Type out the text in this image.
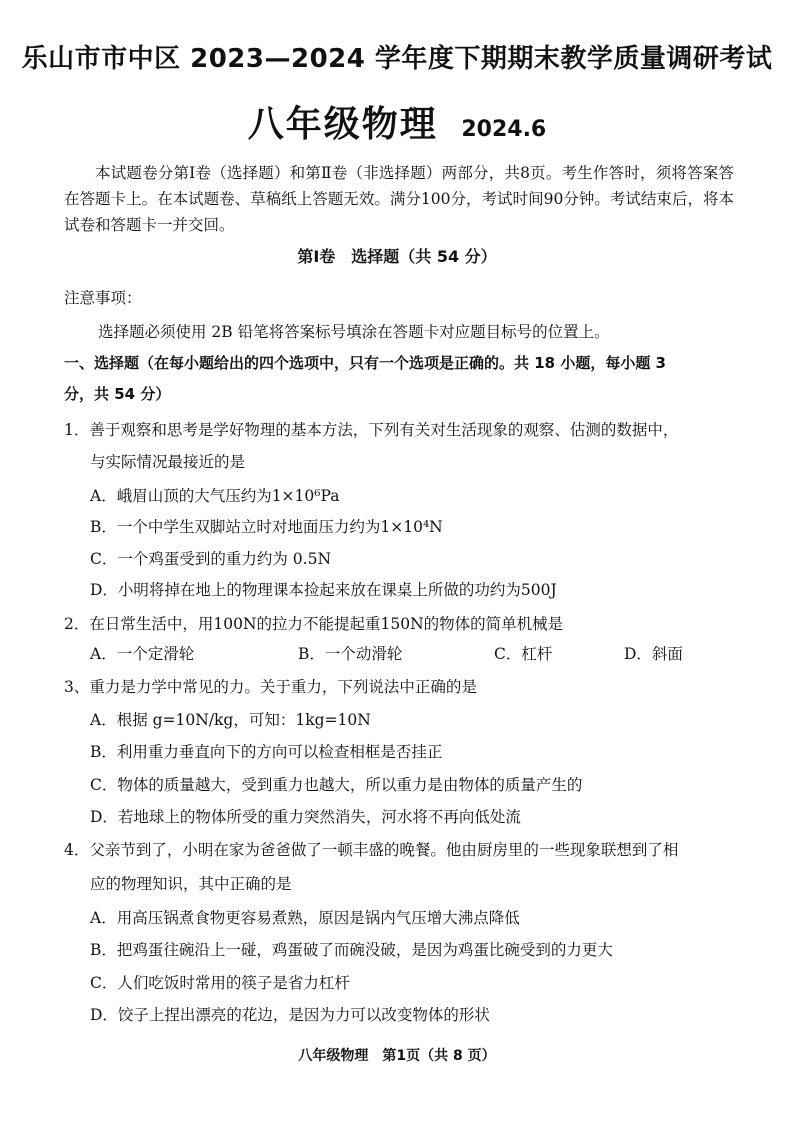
乐山市市中区 2023—2024 学年度下期期末教学质量调研考试
八年级物理 2024.6
本试题卷分第Ⅰ卷（选择题）和第Ⅱ卷（非选择题）两部分，共8页。考生作答时，须将答案答在答题卡上。在本试题卷、草稿纸上答题无效。满分100分，考试时间90分钟。考试结束后，将本试卷和答题卡一并交回。
第Ⅰ卷　选择题（共 54 分）
注意事项：
选择题必须使用 2B 铅笔将答案标号填涂在答题卡对应题目标号的位置上。
一、选择题（在每小题给出的四个选项中，只有一个选项是正确的。共 18 小题，每小题 3
分，共 54 分）
1．善于观察和思考是学好物理的基本方法，下列有关对生活现象的观察、估测的数据中，
与实际情况最接近的是
A．峨眉山顶的大气压约为1×10⁶Pa
B．一个中学生双脚站立时对地面压力约为1×10⁴N
C．一个鸡蛋受到的重力约为 0.5N
D．小明将掉在地上的物理课本捡起来放在课桌上所做的功约为500J
2．在日常生活中，用100N的拉力不能提起重150N的物体的简单机械是
A．一个定滑轮	B．一个动滑轮	C．杠杆	D．斜面
3、重力是力学中常见的力。关于重力，下列说法中正确的是
A．根据 g=10N/kg，可知：1kg=10N
B．利用重力垂直向下的方向可以检查相框是否挂正
C．物体的质量越大，受到重力也越大，所以重力是由物体的质量产生的
D．若地球上的物体所受的重力突然消失，河水将不再向低处流
4．父亲节到了，小明在家为爸爸做了一顿丰盛的晚餐。他由厨房里的一些现象联想到了相
应的物理知识，其中正确的是
A．用高压锅煮食物更容易煮熟，原因是锅内气压增大沸点降低
B．把鸡蛋往碗沿上一碰，鸡蛋破了而碗没破，是因为鸡蛋比碗受到的力更大
C．人们吃饭时常用的筷子是省力杠杆
D．饺子上捏出漂亮的花边，是因为力可以改变物体的形状
八年级物理　第1页（共 8 页）
